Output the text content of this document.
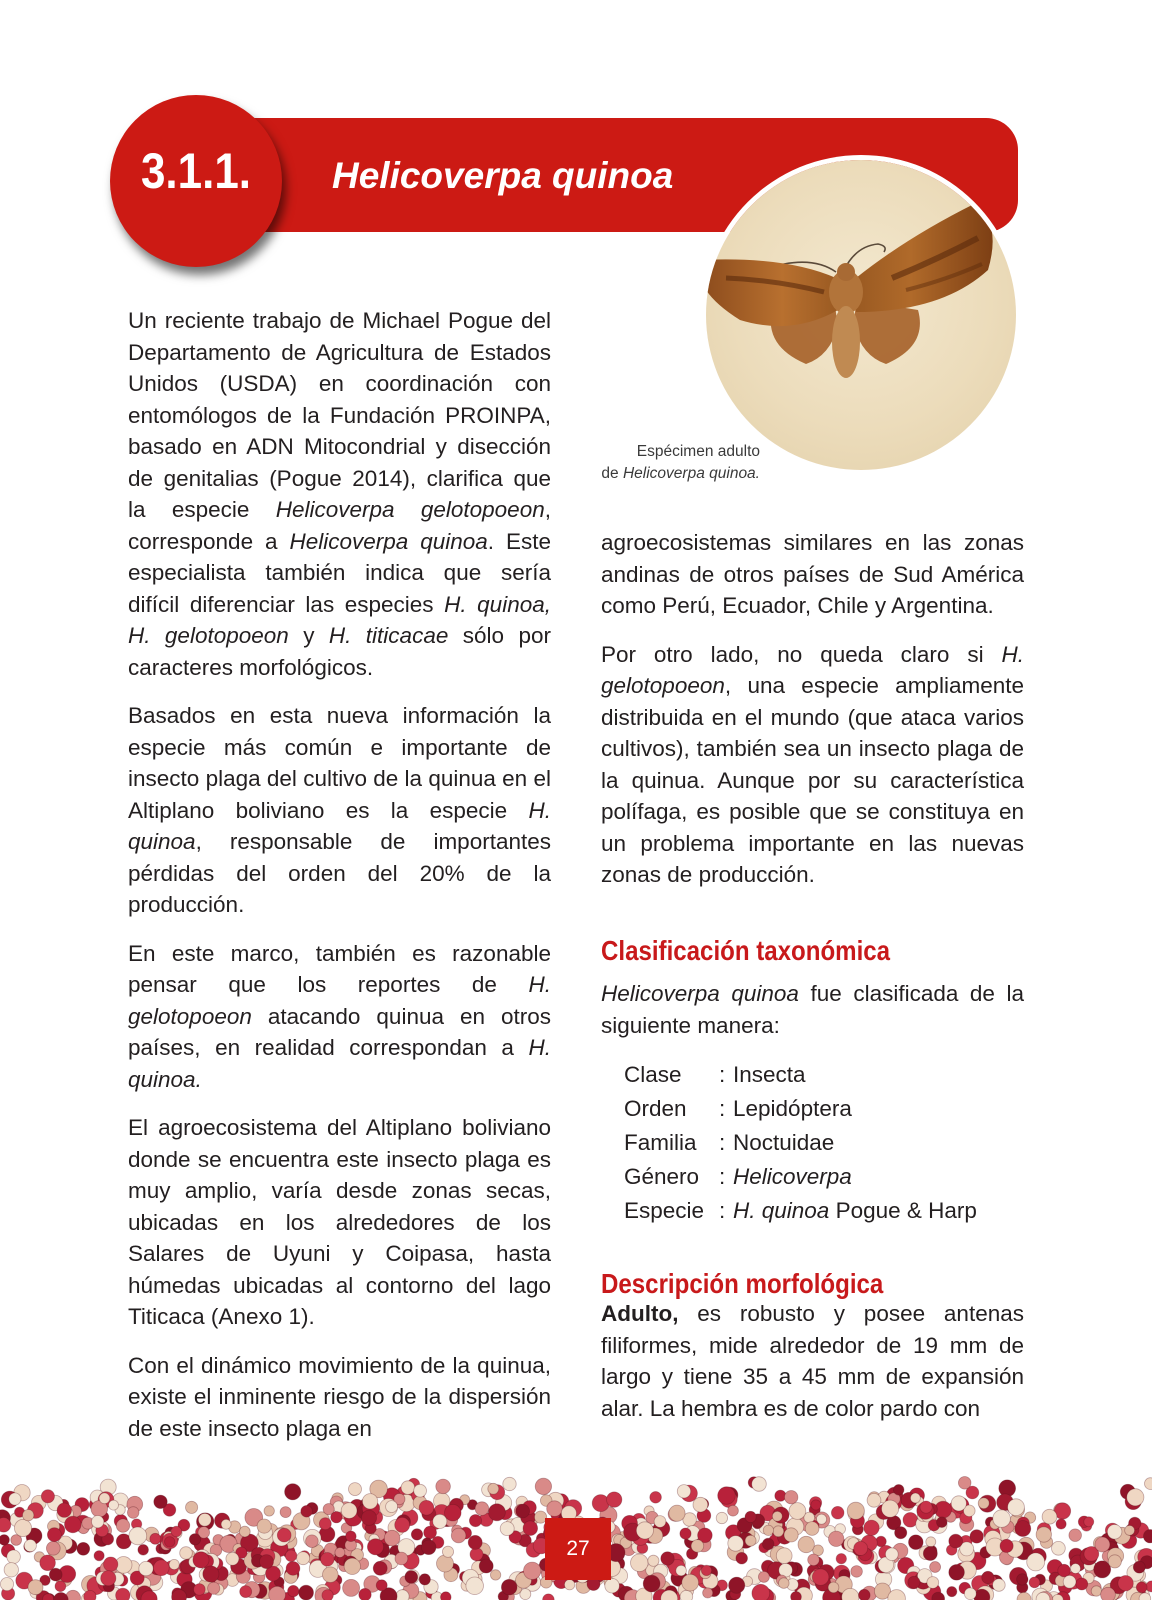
3.1.1.	Helicoverpa quinoa
Espécimen adulto
de Helicoverpa quinoa.

Un reciente trabajo de Michael Pogue del Departamento de Agricultura de Estados Unidos (USDA) en coordinación con entomólogos de la Fundación PROINPA, basado en ADN Mitocondrial y disección de genitalias (Pogue 2014), clarifica que la especie Helicoverpa gelotopoeon, corresponde a Helicoverpa quinoa. Este especialista también indica que sería difícil diferenciar las especies H. quinoa, H. gelotopoeon y H. titicacae sólo por caracteres morfológicos.

Basados en esta nueva información la especie más común e importante de insecto plaga del cultivo de la quinua en el Altiplano boliviano es la especie H. quinoa, responsable de importantes pérdidas del orden del 20% de la producción.

En este marco, también es razonable pensar que los reportes de H. gelotopoeon atacando quinua en otros países, en realidad correspondan a H. quinoa.

El agroecosistema del Altiplano boliviano donde se encuentra este insecto plaga es muy amplio, varía desde zonas secas, ubicadas en los alrededores de los Salares de Uyuni y Coipasa, hasta húmedas ubicadas al contorno del lago Titicaca (Anexo 1).

Con el dinámico movimiento de la quinua, existe el inminente riesgo de la dispersión de este insecto plaga en

agroecosistemas similares en las zonas andinas de otros países de Sud América como Perú, Ecuador, Chile y Argentina.

Por otro lado, no queda claro si H. gelotopoeon, una especie ampliamente distribuida en el mundo (que ataca varios cultivos), también sea un insecto plaga de la quinua. Aunque por su característica polífaga, es posible que se constituya en un problema importante en las nuevas zonas de producción.

Clasificación taxonómica
Helicoverpa quinoa fue clasificada de la siguiente manera:
Clase	:	Insecta
Orden	:	Lepidóptera
Familia	:	Noctuidae
Género	:	Helicoverpa
Especie	:	H. quinoa Pogue & Harp
Descripción morfológica
Adulto, es robusto y posee antenas filiformes, mide alrededor de 19 mm de largo y tiene 35 a 45 mm de expansión alar. La hembra es de color pardo con
27
